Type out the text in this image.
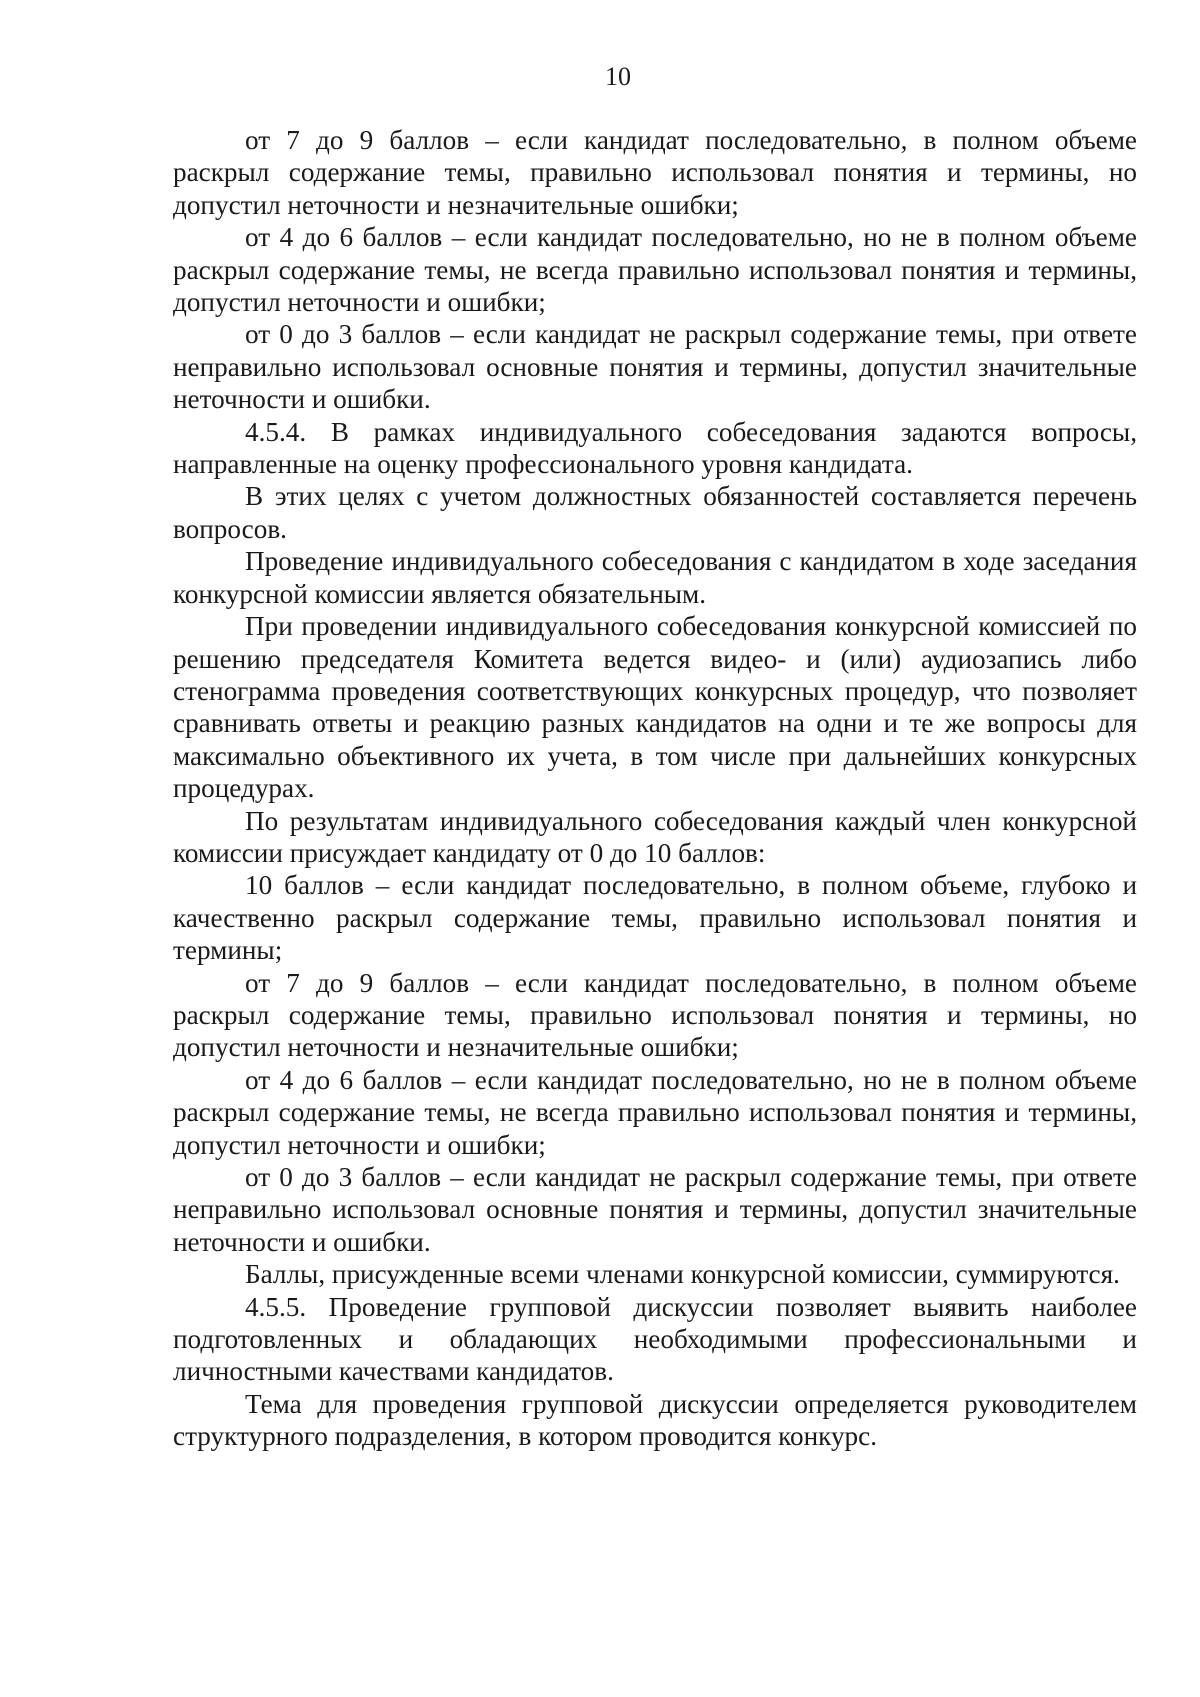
10

от 7 до 9 баллов – если кандидат последовательно, в полном объеме раскрыл содержание темы, правильно использовал понятия и термины, но допустил неточности и незначительные ошибки;

от 4 до 6 баллов – если кандидат последовательно, но не в полном объеме раскрыл содержание темы, не всегда правильно использовал понятия и термины, допустил неточности и ошибки;

от 0 до 3 баллов – если кандидат не раскрыл содержание темы, при ответе неправильно использовал основные понятия и термины, допустил значительные неточности и ошибки.

4.5.4. В рамках индивидуального собеседования задаются вопросы, направленные на оценку профессионального уровня кандидата.

В этих целях с учетом должностных обязанностей составляется перечень вопросов.

Проведение индивидуального собеседования с кандидатом в ходе заседания конкурсной комиссии является обязательным.

При проведении индивидуального собеседования конкурсной комиссией по решению председателя Комитета ведется видео- и (или) аудиозапись либо стенограмма проведения соответствующих конкурсных процедур, что позволяет сравнивать ответы и реакцию разных кандидатов на одни и те же вопросы для максимально объективного их учета, в том числе при дальнейших конкурсных процедурах.

По результатам индивидуального собеседования каждый член конкурсной комиссии присуждает кандидату от 0 до 10 баллов:

10 баллов – если кандидат последовательно, в полном объеме, глубоко и качественно раскрыл содержание темы, правильно использовал понятия и термины;

от 7 до 9 баллов – если кандидат последовательно, в полном объеме раскрыл содержание темы, правильно использовал понятия и термины, но допустил неточности и незначительные ошибки;

от 4 до 6 баллов – если кандидат последовательно, но не в полном объеме раскрыл содержание темы, не всегда правильно использовал понятия и термины, допустил неточности и ошибки;

от 0 до 3 баллов – если кандидат не раскрыл содержание темы, при ответе неправильно использовал основные понятия и термины, допустил значительные неточности и ошибки.

Баллы, присужденные всеми членами конкурсной комиссии, суммируются.

4.5.5. Проведение групповой дискуссии позволяет выявить наиболее подготовленных и обладающих необходимыми профессиональными и личностными качествами кандидатов.

Тема для проведения групповой дискуссии определяется руководителем структурного подразделения, в котором проводится конкурс.
